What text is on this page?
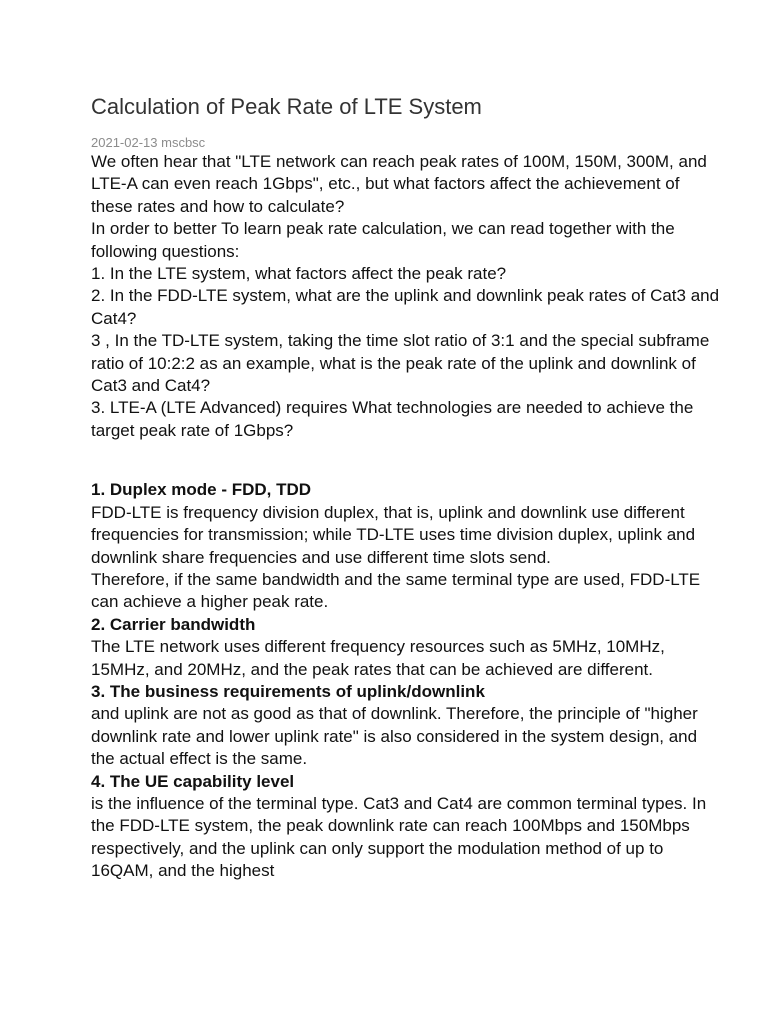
Calculation of Peak Rate of LTE System
2021-02-13 mscbsc

We often hear that "LTE network can reach peak rates of 100M, 150M, 300M, and LTE-A can even reach 1Gbps", etc., but what factors affect the achievement of these rates and how to calculate?

In order to better To learn peak rate calculation, we can read together with the following questions:

1. In the LTE system, what factors affect the peak rate?

2. In the FDD-LTE system, what are the uplink and downlink peak rates of Cat3 and Cat4?

3 , In the TD-LTE system, taking the time slot ratio of 3:1 and the special subframe ratio of 10:2:2 as an example, what is the peak rate of the uplink and downlink of Cat3 and Cat4?

3. LTE-A (LTE Advanced) requires What technologies are needed to achieve the target peak rate of 1Gbps?

1. Duplex mode - FDD, TDD

FDD-LTE is frequency division duplex, that is, uplink and downlink use different frequencies for transmission; while TD-LTE uses time division duplex, uplink and downlink share frequencies and use different time slots send.

Therefore, if the same bandwidth and the same terminal type are used, FDD-LTE can achieve a higher peak rate.

2. Carrier bandwidth

The LTE network uses different frequency resources such as 5MHz, 10MHz, 15MHz, and 20MHz, and the peak rates that can be achieved are different.

3. The business requirements of uplink/downlink

and uplink are not as good as that of downlink. Therefore, the principle of "higher downlink rate and lower uplink rate" is also considered in the system design, and the actual effect is the same.

4. The UE capability level

is the influence of the terminal type. Cat3 and Cat4 are common terminal types. In the FDD-LTE system, the peak downlink rate can reach 100Mbps and 150Mbps respectively, and the uplink can only support the modulation method of up to 16QAM, and the highest
